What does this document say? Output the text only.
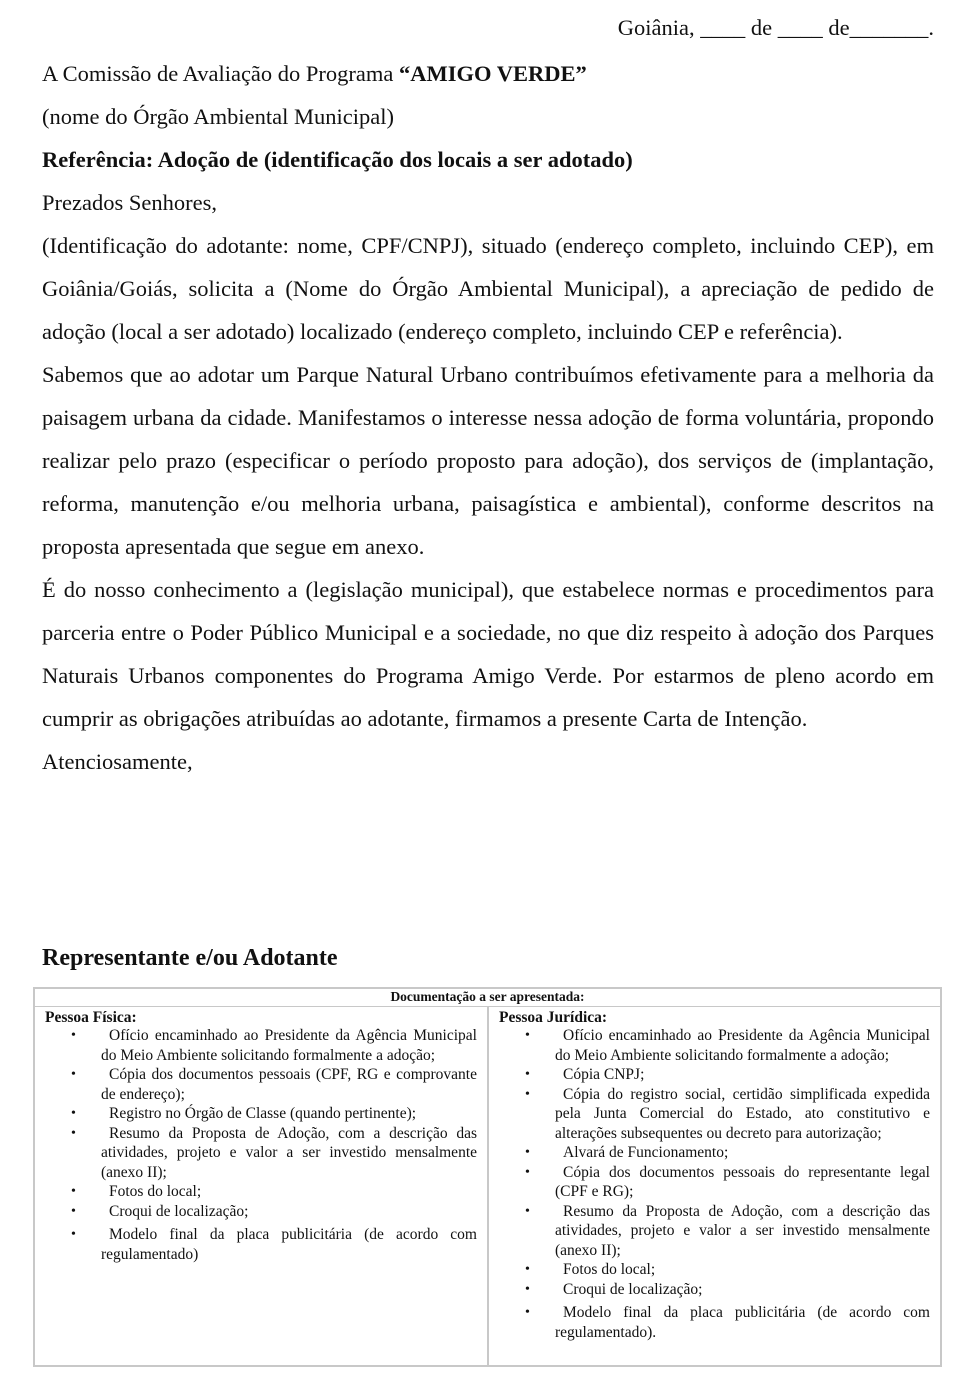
Goiânia, ____ de ____ de_______.

A Comissão de Avaliação do Programa “AMIGO VERDE”

(nome do Órgão Ambiental Municipal)

Referência: Adoção de (identificação dos locais a ser adotado)

Prezados Senhores,

(Identificação do adotante: nome, CPF/CNPJ), situado (endereço completo, incluindo CEP), em Goiânia/Goiás, solicita a (Nome do Órgão Ambiental Municipal), a apreciação de pedido de adoção (local a ser adotado) localizado (endereço completo, incluindo CEP e referência).

Sabemos que ao adotar um Parque Natural Urbano contribuímos efetivamente para a melhoria da paisagem urbana da cidade. Manifestamos o interesse nessa adoção de forma voluntária, propondo realizar pelo prazo (especificar o período proposto para adoção), dos serviços de (implantação, reforma, manutenção e/ou melhoria urbana, paisagística e ambiental), conforme descritos na proposta apresentada que segue em anexo.

É do nosso conhecimento a (legislação municipal), que estabelece normas e procedimentos para parceria entre o Poder Público Municipal e a sociedade, no que diz respeito à adoção dos Parques Naturais Urbanos componentes do Programa Amigo Verde. Por estarmos de pleno acordo em cumprir as obrigações atribuídas ao adotante, firmamos a presente Carta de Intenção.

Atenciosamente,

Representante e/ou Adotante
Documentação a ser apresentada:
Pessoa Física:
• Ofício encaminhado ao Presidente da Agência Municipal do Meio Ambiente solicitando formalmente a adoção;
• Cópia dos documentos pessoais (CPF, RG e comprovante de endereço);
• Registro no Órgão de Classe (quando pertinente);
• Resumo da Proposta de Adoção, com a descrição das atividades, projeto e valor a ser investido mensalmente (anexo II);
• Fotos do local;
• Croqui de localização;
• Modelo final da placa publicitária (de acordo com regulamentado)
Pessoa Jurídica:
• Ofício encaminhado ao Presidente da Agência Municipal do Meio Ambiente solicitando formalmente a adoção;
• Cópia CNPJ;
• Cópia do registro social, certidão simplificada expedida pela Junta Comercial do Estado, ato constitutivo e alterações subsequentes ou decreto para autorização;
• Alvará de Funcionamento;
• Cópia dos documentos pessoais do representante legal (CPF e RG);
• Resumo da Proposta de Adoção, com a descrição das atividades, projeto e valor a ser investido mensalmente (anexo II);
• Fotos do local;
• Croqui de localização;
• Modelo final da placa publicitária (de acordo com regulamentado).
